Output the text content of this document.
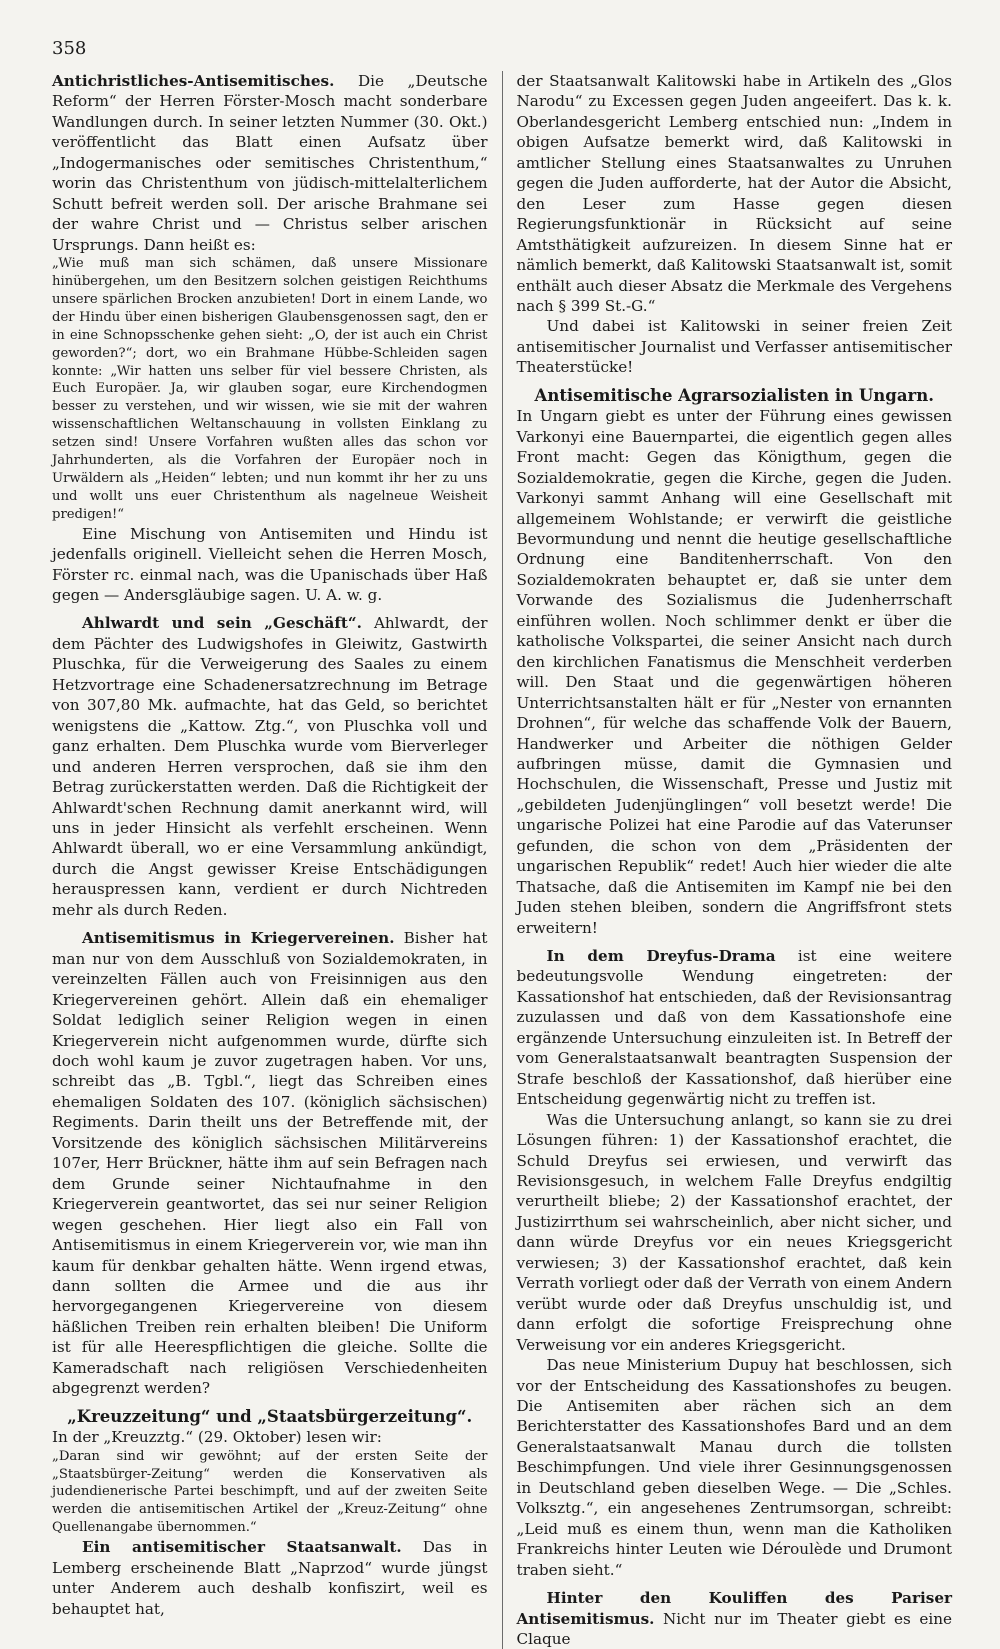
358

Antichristliches-Antisemitisches. Die „Deutsche Reform“ der Herren Förster-Mosch macht sonderbare Wandlungen durch. In seiner letzten Nummer (30. Okt.) veröffentlicht das Blatt einen Aufsatz über „Indogermanisches oder semitisches Christenthum,“ worin das Christenthum von jüdisch-mittelalterlichem Schutt befreit werden soll. Der arische Brahmane sei der wahre Christ und — Christus selber arischen Ursprungs. Dann heißt es:

„Wie muß man sich schämen, daß unsere Missionare hinübergehen, um den Besitzern solchen geistigen Reichthums unsere spärlichen Brocken anzubieten! Dort in einem Lande, wo der Hindu über einen bisherigen Glaubensgenossen sagt, den er in eine Schnopsschenke gehen sieht: „O, der ist auch ein Christ geworden?“; dort, wo ein Brahmane Hübbe-Schleiden sagen konnte: „Wir hatten uns selber für viel bessere Christen, als Euch Europäer. Ja, wir glauben sogar, eure Kirchendogmen besser zu verstehen, und wir wissen, wie sie mit der wahren wissenschaftlichen Weltanschauung in vollsten Einklang zu setzen sind! Unsere Vorfahren wußten alles das schon vor Jahrhunderten, als die Vorfahren der Europäer noch in Urwäldern als „Heiden“ lebten; und nun kommt ihr her zu uns und wollt uns euer Christenthum als nagelneue Weisheit predigen!“

Eine Mischung von Antisemiten und Hindu ist jedenfalls originell. Vielleicht sehen die Herren Mosch, Förster rc. einmal nach, was die Upanischads über Haß gegen — Andersgläubige sagen. U. A. w. g.

Ahlwardt und sein „Geschäft“. Ahlwardt, der dem Pächter des Ludwigshofes in Gleiwitz, Gastwirth Pluschka, für die Verweigerung des Saales zu einem Hetzvortrage eine Schadenersatzrechnung im Betrage von 307,80 Mk. aufmachte, hat das Geld, so berichtet wenigstens die „Kattow. Ztg.“, von Pluschka voll und ganz erhalten. Dem Pluschka wurde vom Bierverleger und anderen Herren versprochen, daß sie ihm den Betrag zurückerstatten werden. Daß die Richtigkeit der Ahlwardt'schen Rechnung damit anerkannt wird, will uns in jeder Hinsicht als verfehlt erscheinen. Wenn Ahlwardt überall, wo er eine Versammlung ankündigt, durch die Angst gewisser Kreise Entschädigungen herauspressen kann, verdient er durch Nichtreden mehr als durch Reden.

Antisemitismus in Kriegervereinen. Bisher hat man nur von dem Ausschluß von Sozialdemokraten, in vereinzelten Fällen auch von Freisinnigen aus den Kriegervereinen gehört. Allein daß ein ehemaliger Soldat lediglich seiner Religion wegen in einen Kriegerverein nicht aufgenommen wurde, dürfte sich doch wohl kaum je zuvor zugetragen haben. Vor uns, schreibt das „B. Tgbl.“, liegt das Schreiben eines ehemaligen Soldaten des 107. (königlich sächsischen) Regiments. Darin theilt uns der Betreffende mit, der Vorsitzende des königlich sächsischen Militärvereins 107er, Herr Brückner, hätte ihm auf sein Befragen nach dem Grunde seiner Nichtaufnahme in den Kriegerverein geantwortet, das sei nur seiner Religion wegen geschehen. Hier liegt also ein Fall von Antisemitismus in einem Kriegerverein vor, wie man ihn kaum für denkbar gehalten hätte. Wenn irgend etwas, dann sollten die Armee und die aus ihr hervorgegangenen Kriegervereine von diesem häßlichen Treiben rein erhalten bleiben! Die Uniform ist für alle Heerespflichtigen die gleiche. Sollte die Kameradschaft nach religiösen Verschiedenheiten abgegrenzt werden?

„Kreuzzeitung“ und „Staatsbürgerzeitung“.

In der „Kreuzztg.“ (29. Oktober) lesen wir:

„Daran sind wir gewöhnt; auf der ersten Seite der „Staatsbürger-Zeitung“ werden die Konservativen als judendienerische Partei beschimpft, und auf der zweiten Seite werden die antisemitischen Artikel der „Kreuz-Zeitung“ ohne Quellenangabe übernommen.“

Ein antisemitischer Staatsanwalt. Das in Lemberg erscheinende Blatt „Naprzod“ wurde jüngst unter Anderem auch deshalb konfiszirt, weil es behauptet hat,

der Staatsanwalt Kalitowski habe in Artikeln des „Glos Narodu“ zu Excessen gegen Juden angeeifert. Das k. k. Oberlandesgericht Lemberg entschied nun: „Indem in obigen Aufsatze bemerkt wird, daß Kalitowski in amtlicher Stellung eines Staatsanwaltes zu Unruhen gegen die Juden aufforderte, hat der Autor die Absicht, den Leser zum Hasse gegen diesen Regierungsfunktionär in Rücksicht auf seine Amtsthätigkeit aufzureizen. In diesem Sinne hat er nämlich bemerkt, daß Kalitowski Staatsanwalt ist, somit enthält auch dieser Absatz die Merkmale des Vergehens nach § 399 St.-G.“

Und dabei ist Kalitowski in seiner freien Zeit antisemitischer Journalist und Verfasser antisemitischer Theaterstücke!

Antisemitische Agrarsozialisten in Ungarn.

In Ungarn giebt es unter der Führung eines gewissen Varkonyi eine Bauernpartei, die eigentlich gegen alles Front macht: Gegen das Königthum, gegen die Sozialdemokratie, gegen die Kirche, gegen die Juden. Varkonyi sammt Anhang will eine Gesellschaft mit allgemeinem Wohlstande; er verwirft die geistliche Bevormundung und nennt die heutige gesellschaftliche Ordnung eine Banditenherrschaft. Von den Sozialdemokraten behauptet er, daß sie unter dem Vorwande des Sozialismus die Judenherrschaft einführen wollen. Noch schlimmer denkt er über die katholische Volkspartei, die seiner Ansicht nach durch den kirchlichen Fanatismus die Menschheit verderben will. Den Staat und die gegenwärtigen höheren Unterrichtsanstalten hält er für „Nester von ernannten Drohnen“, für welche das schaffende Volk der Bauern, Handwerker und Arbeiter die nöthigen Gelder aufbringen müsse, damit die Gymnasien und Hochschulen, die Wissenschaft, Presse und Justiz mit „gebildeten Judenjünglingen“ voll besetzt werde! Die ungarische Polizei hat eine Parodie auf das Vaterunser gefunden, die schon von dem „Präsidenten der ungarischen Republik“ redet! Auch hier wieder die alte Thatsache, daß die Antisemiten im Kampf nie bei den Juden stehen bleiben, sondern die Angriffsfront stets erweitern!

In dem Dreyfus-Drama ist eine weitere bedeutungsvolle Wendung eingetreten: der Kassationshof hat entschieden, daß der Revisionsantrag zuzulassen und daß von dem Kassationshofe eine ergänzende Untersuchung einzuleiten ist. In Betreff der vom Generalstaatsanwalt beantragten Suspension der Strafe beschloß der Kassationshof, daß hierüber eine Entscheidung gegenwärtig nicht zu treffen ist.

Was die Untersuchung anlangt, so kann sie zu drei Lösungen führen: 1) der Kassationshof erachtet, die Schuld Dreyfus sei erwiesen, und verwirft das Revisionsgesuch, in welchem Falle Dreyfus endgiltig verurtheilt bliebe; 2) der Kassationshof erachtet, der Justizirrthum sei wahrscheinlich, aber nicht sicher, und dann würde Dreyfus vor ein neues Kriegsgericht verwiesen; 3) der Kassationshof erachtet, daß kein Verrath vorliegt oder daß der Verrath von einem Andern verübt wurde oder daß Dreyfus unschuldig ist, und dann erfolgt die sofortige Freisprechung ohne Verweisung vor ein anderes Kriegsgericht.

Das neue Ministerium Dupuy hat beschlossen, sich vor der Entscheidung des Kassationshofes zu beugen. Die Antisemiten aber rächen sich an dem Berichterstatter des Kassationshofes Bard und an dem Generalstaatsanwalt Manau durch die tollsten Beschimpfungen. Und viele ihrer Gesinnungsgenossen in Deutschland geben dieselben Wege. — Die „Schles. Volksztg.“, ein angesehenes Zentrumsorgan, schreibt: „Leid muß es einem thun, wenn man die Katholiken Frankreichs hinter Leuten wie Déroulède und Drumont traben sieht.“

Hinter den Kouliffen des Pariser Antisemitismus. Nicht nur im Theater giebt es eine Claque
